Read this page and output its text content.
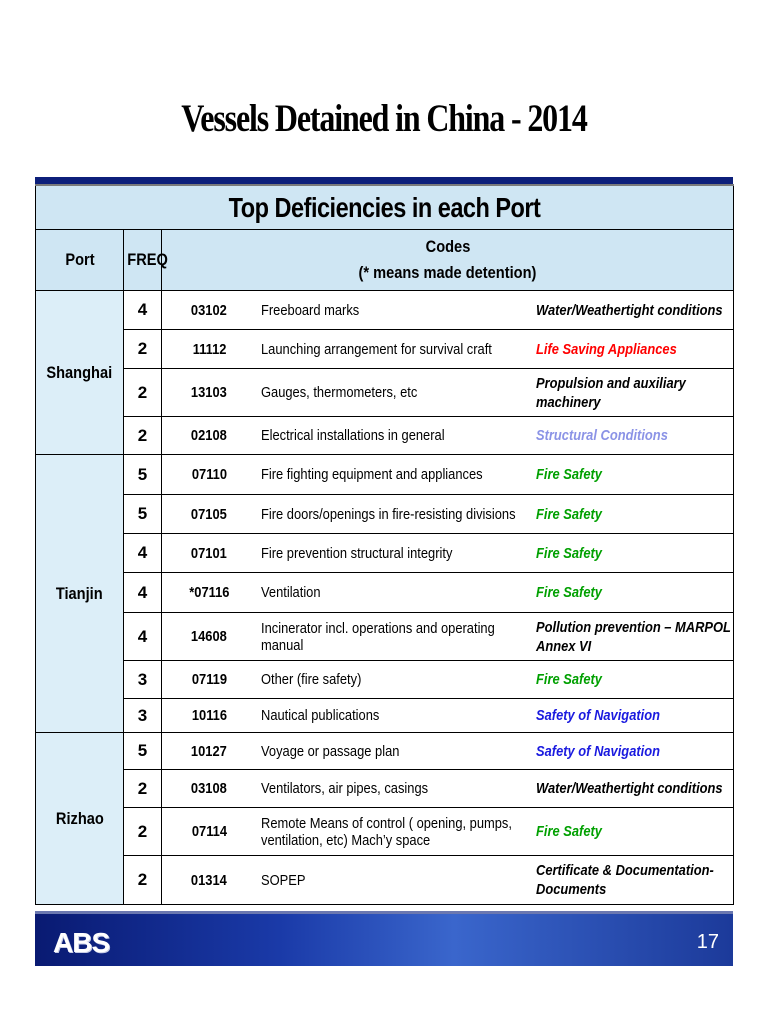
Vessels Detained in China - 2014
Top Deficiencies in each Port				
Port	FREQ	Codes
(* means made detention)		
Shanghai	4	03102	Freeboard marks	Water/Weathertight conditions

	2	11112	Launching arrangement for survival craft	Life Saving Appliances

	2	13103	Gauges, thermometers, etc	Propulsion and auxiliary machinery

	2	02108	Electrical installations in general	Structural Conditions

Tianjin	5	07110	Fire fighting equipment and appliances	Fire Safety

	5	07105	Fire doors/openings in fire-resisting divisions	Fire Safety

	4	07101	Fire prevention structural integrity	Fire Safety

	4	*07116	Ventilation	Fire Safety

	4	14608	Incinerator incl. operations and operating manual	Pollution prevention – MARPOL Annex VI

	3	07119	Other (fire safety)	Fire Safety

	3	10116	Nautical publications	Safety of Navigation

Rizhao	5	10127	Voyage or passage plan	Safety of Navigation

	2	03108	Ventilators, air pipes, casings	Water/Weathertight conditions

	2	07114	Remote Means of control ( opening, pumps, ventilation, etc) Mach’y space	Fire Safety

	2	01314	SOPEP	Certificate & Documentation-Documents
ABS	17
